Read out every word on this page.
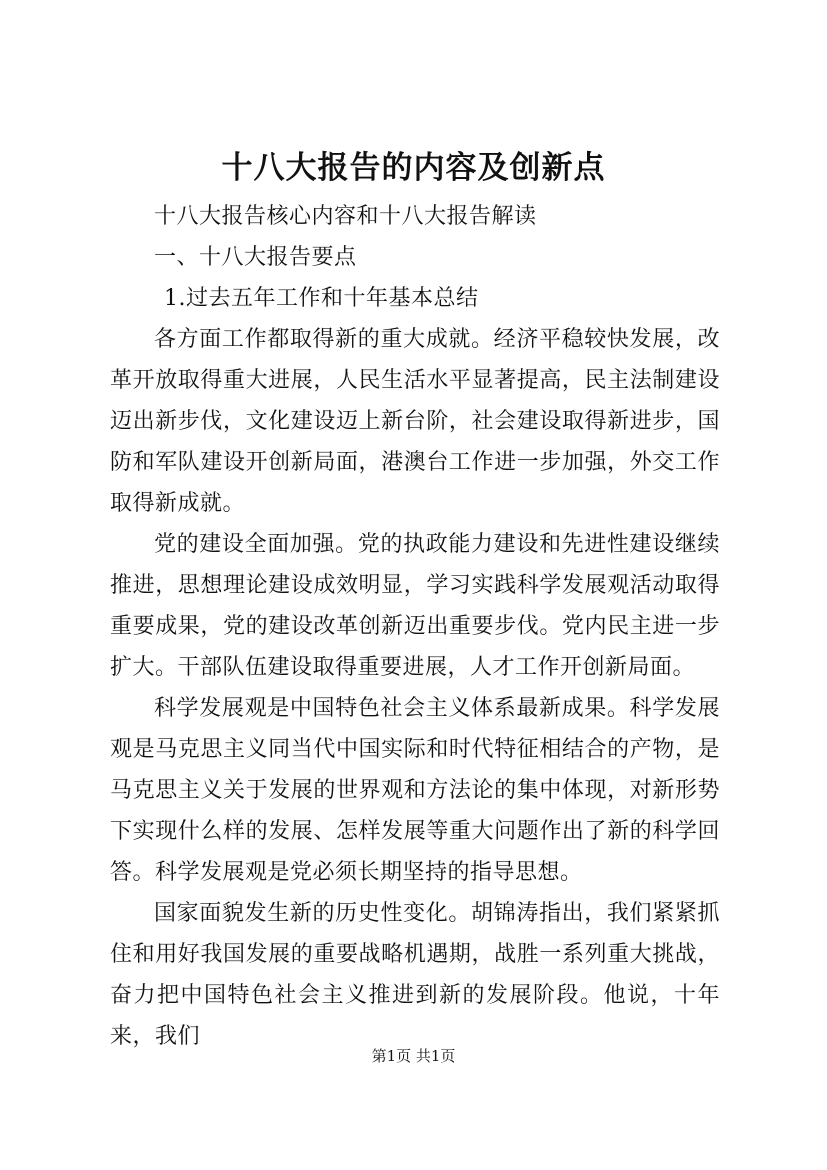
十八大报告的内容及创新点
十八大报告核心内容和十八大报告解读
一、十八大报告要点
1.过去五年工作和十年基本总结

各方面工作都取得新的重大成就。经济平稳较快发展，改革开放取得重大进展，人民生活水平显著提高，民主法制建设迈出新步伐，文化建设迈上新台阶，社会建设取得新进步，国防和军队建设开创新局面，港澳台工作进一步加强，外交工作取得新成就。

党的建设全面加强。党的执政能力建设和先进性建设继续推进，思想理论建设成效明显，学习实践科学发展观活动取得重要成果，党的建设改革创新迈出重要步伐。党内民主进一步扩大。干部队伍建设取得重要进展，人才工作开创新局面。

科学发展观是中国特色社会主义体系最新成果。科学发展观是马克思主义同当代中国实际和时代特征相结合的产物，是马克思主义关于发展的世界观和方法论的集中体现，对新形势下实现什么样的发展、怎样发展等重大问题作出了新的科学回答。科学发展观是党必须长期坚持的指导思想。

国家面貌发生新的历史性变化。胡锦涛指出，我们紧紧抓住和用好我国发展的重要战略机遇期，战胜一系列重大挑战，奋力把中国特色社会主义推进到新的发展阶段。他说，十年来，我们

第1页 共1页
